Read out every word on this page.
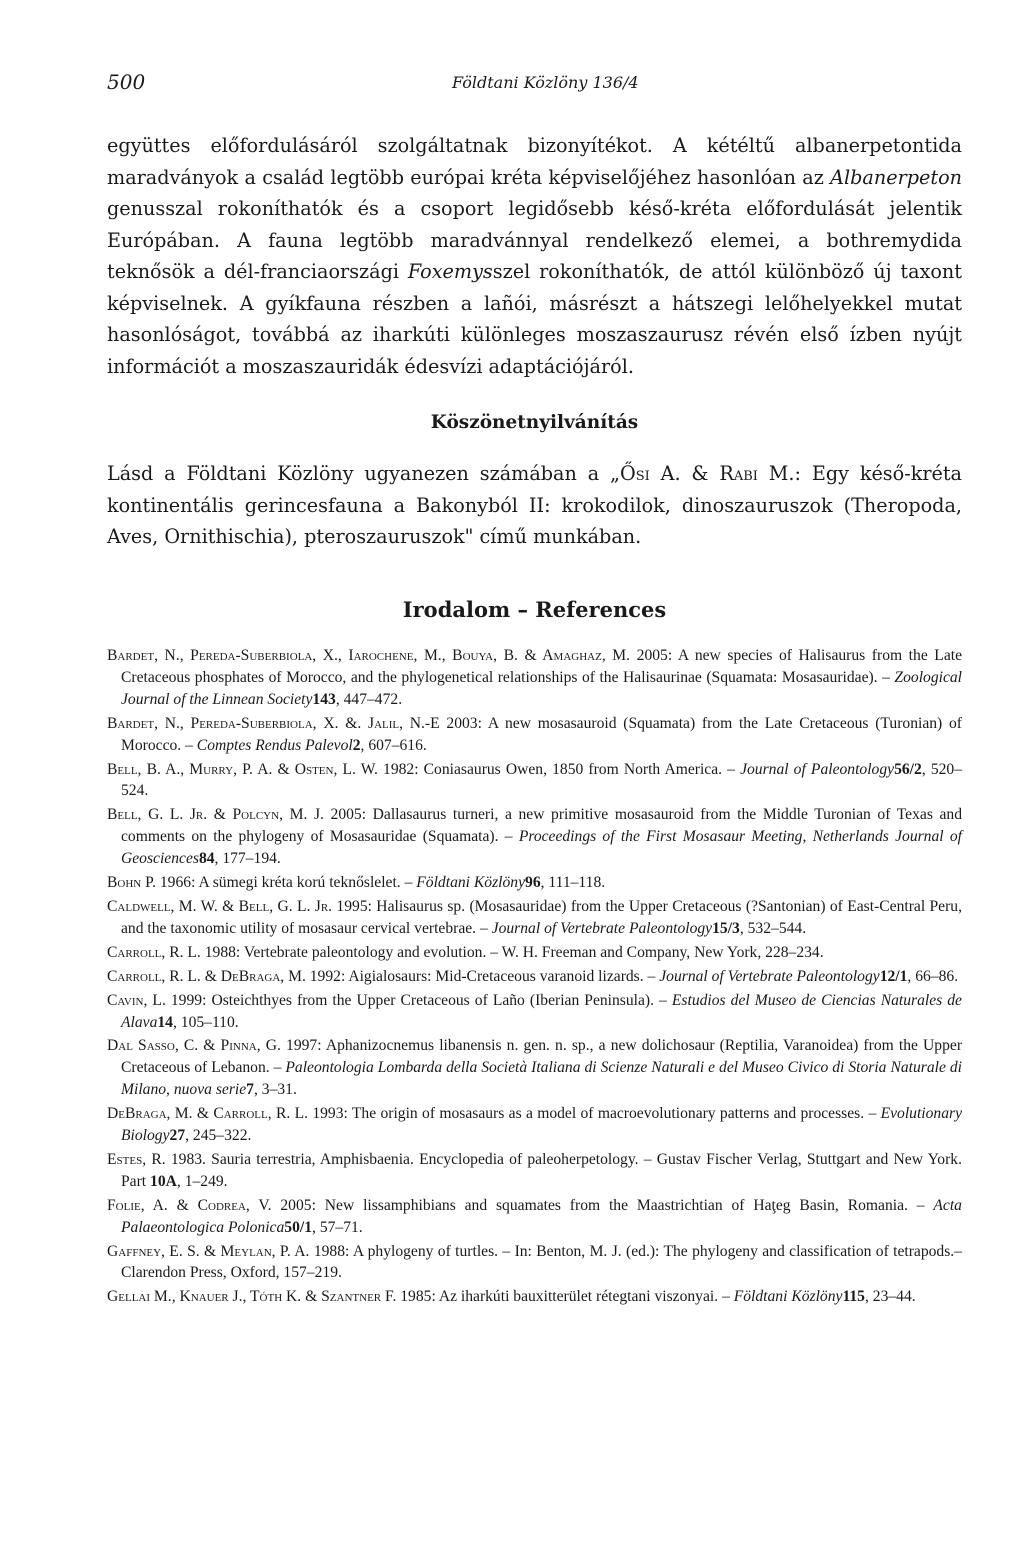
500	Földtani Közlöny 136/4

együttes előfordulásáról szolgáltatnak bizonyítékot. A kétéltű albanerpetontida maradványok a család legtöbb európai kréta képviselőjéhez hasonlóan az Albanerpeton genusszal rokoníthatók és a csoport legidősebb késő-kréta előfordulását jelentik Európában. A fauna legtöbb maradvánnyal rendelkező elemei, a bothremydida teknősök a dél-franciaországi Foxemysszel rokoníthatók, de attól különböző új taxont képviselnek. A gyíkfauna részben a lañói, másrészt a hátszegi lelőhelyekkel mutat hasonlóságot, továbbá az iharkúti különleges moszaszaurusz révén első ízben nyújt információt a moszaszauridák édesvízi adaptációjáról.

Köszönetnyilvánítás

Lásd a Földtani Közlöny ugyanezen számában a „Ősi A. & Rabi M.: Egy késő-kréta kontinentális gerincesfauna a Bakonyból II: krokodilok, dinoszauruszok (Theropoda, Aves, Ornithischia), pteroszauruszok" című munkában.

Irodalom – References
Bardet, N., Pereda-Suberbiola, X., Iarochene, M., Bouya, B. & Amaghaz, M. 2005: A new species of Halisaurus from the Late Cretaceous phosphates of Morocco, and the phylogenetical relationships of the Halisaurinae (Squamata: Mosasauridae). – Zoological Journal of the Linnean Society143, 447–472.
Bardet, N., Pereda-Suberbiola, X. &. Jalil, N.-E 2003: A new mosasauroid (Squamata) from the Late Cretaceous (Turonian) of Morocco. – Comptes Rendus Palevol2, 607–616.
Bell, B. A., Murry, P. A. & Osten, L. W. 1982: Coniasaurus Owen, 1850 from North America. – Journal of Paleontology56/2, 520–524.
Bell, G. L. Jr. & Polcyn, M. J. 2005: Dallasaurus turneri, a new primitive mosasauroid from the Middle Turonian of Texas and comments on the phylogeny of Mosasauridae (Squamata). – Proceedings of the First Mosasaur Meeting, Netherlands Journal of Geosciences84, 177–194.
Bohn P. 1966: A sümegi kréta korú teknőslelet. – Földtani Közlöny96, 111–118.
Caldwell, M. W. & Bell, G. L. Jr. 1995: Halisaurus sp. (Mosasauridae) from the Upper Cretaceous (?Santonian) of East-Central Peru, and the taxonomic utility of mosasaur cervical vertebrae. – Journal of Vertebrate Paleontology15/3, 532–544.
Carroll, R. L. 1988: Vertebrate paleontology and evolution. – W. H. Freeman and Company, New York, 228–234.
Carroll, R. L. & DeBraga, M. 1992: Aigialosaurs: Mid-Cretaceous varanoid lizards. – Journal of Vertebrate Paleontology12/1, 66–86.
Cavin, L. 1999: Osteichthyes from the Upper Cretaceous of Laño (Iberian Peninsula). – Estudios del Museo de Ciencias Naturales de Alava14, 105–110.
Dal Sasso, C. & Pinna, G. 1997: Aphanizocnemus libanensis n. gen. n. sp., a new dolichosaur (Reptilia, Varanoidea) from the Upper Cretaceous of Lebanon. – Paleontologia Lombarda della Società Italiana di Scienze Naturali e del Museo Civico di Storia Naturale di Milano, nuova serie7, 3–31.
DeBraga, M. & Carroll, R. L. 1993: The origin of mosasaurs as a model of macroevolutionary patterns and processes. – Evolutionary Biology27, 245–322.
Estes, R. 1983. Sauria terrestria, Amphisbaenia. Encyclopedia of paleoherpetology. – Gustav Fischer Verlag, Stuttgart and New York. Part 10A, 1–249.
Folie, A. & Codrea, V. 2005: New lissamphibians and squamates from the Maastrichtian of Haţeg Basin, Romania. – Acta Palaeontologica Polonica50/1, 57–71.
Gaffney, E. S. & Meylan, P. A. 1988: A phylogeny of turtles. – In: Benton, M. J. (ed.): The phylogeny and classification of tetrapods.– Clarendon Press, Oxford, 157–219.
Gellai M., Knauer J., Tóth K. & Szantner F. 1985: Az iharkúti bauxitterület rétegtani viszonyai. – Földtani Közlöny115, 23–44.
